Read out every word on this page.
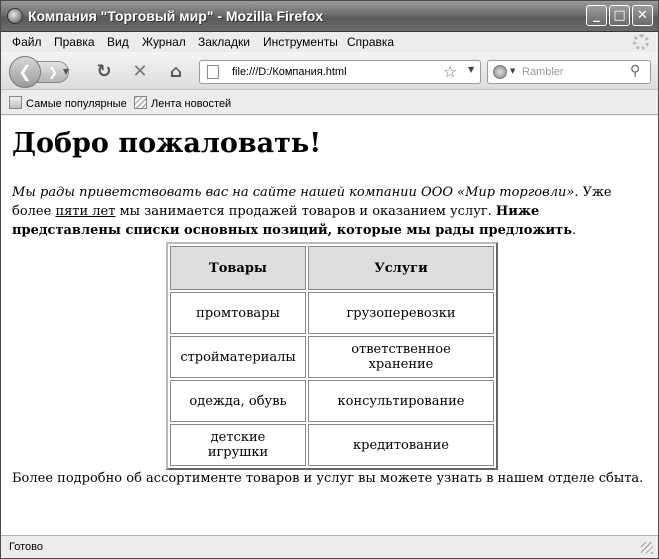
Компания "Торговый мир" - Mozilla Firefox	_	□ ✕
Файл Правка Вид Журнал Закладки Инструменты Справка
❯
❮	▼ ↻ ✕ ⌂	file:///D:/Компания.html	☆ ▼	▼
Rambler	⚲
Самые популярные	Лента новостей
Добро пожаловать!

Мы рады приветствовать вас на сайте нашей компании ООО «Мир торговли». Уже более пяти лет мы занимается продажей товаров и оказанием услуг. Ниже представлены списки основных позиций, которые мы рады предложить.

Товары	Услуги
промтовары	грузоперевозки
стройматериалы	ответственное хранение
одежда, обувь	консультирование
детские игрушки	кредитование

Более подробно об ассортименте товаров и услуг вы можете узнать в нашем отделе сбыта.

Готово
